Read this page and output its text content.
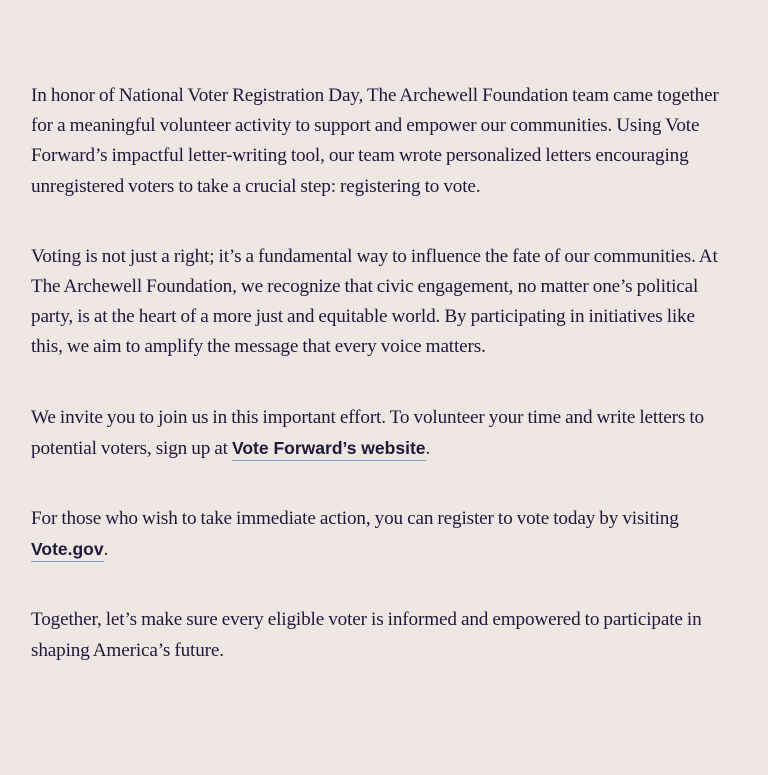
In honor of National Voter Registration Day, The Archewell Foundation team came together for a meaningful volunteer activity to support and empower our communities. Using Vote Forward’s impactful letter-writing tool, our team wrote personalized letters encouraging unregistered voters to take a crucial step: registering to vote.

Voting is not just a right; it’s a fundamental way to influence the fate of our communities. At The Archewell Foundation, we recognize that civic engagement, no matter one’s political party, is at the heart of a more just and equitable world. By participating in initiatives like this, we aim to amplify the message that every voice matters.

We invite you to join us in this important effort. To volunteer your time and write letters to potential voters, sign up at Vote Forward’s website.

For those who wish to take immediate action, you can register to vote today by visiting Vote.gov.

Together, let’s make sure every eligible voter is informed and empowered to participate in shaping America’s future.
